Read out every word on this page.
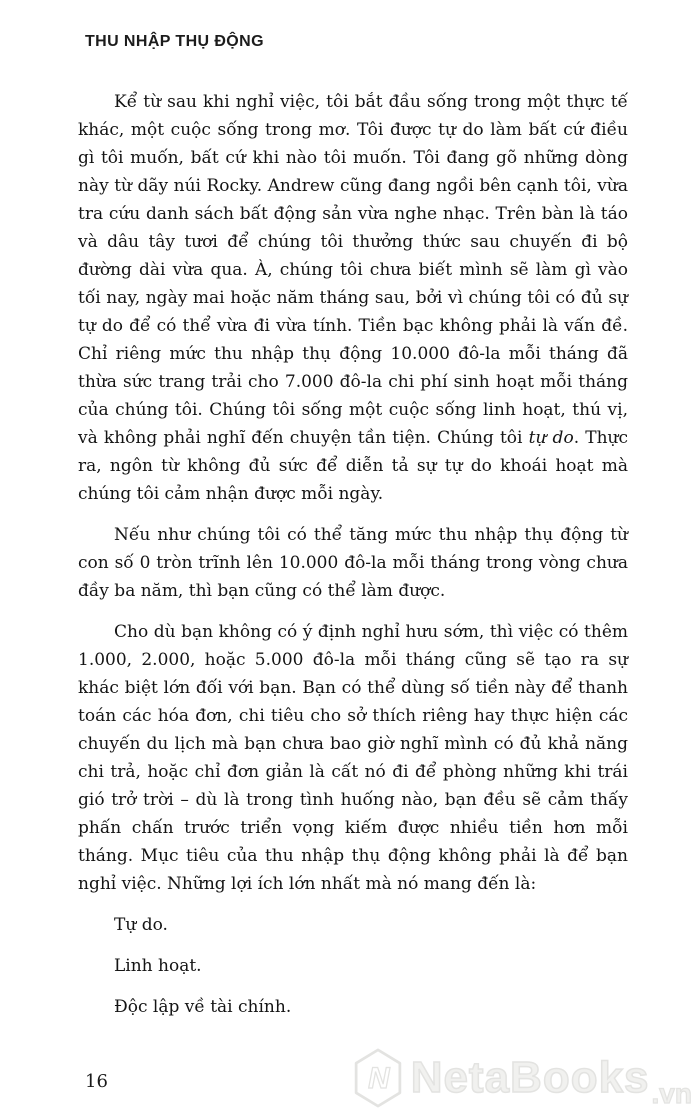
THU NHẬP THỤ ĐỘNG

Kể từ sau khi nghỉ việc, tôi bắt đầu sống trong một thực tế khác, một cuộc sống trong mơ. Tôi được tự do làm bất cứ điều gì tôi muốn, bất cứ khi nào tôi muốn. Tôi đang gõ những dòng này từ dãy núi Rocky. Andrew cũng đang ngồi bên cạnh tôi, vừa tra cứu danh sách bất động sản vừa nghe nhạc. Trên bàn là táo và dâu tây tươi để chúng tôi thưởng thức sau chuyến đi bộ đường dài vừa qua. À, chúng tôi chưa biết mình sẽ làm gì vào tối nay, ngày mai hoặc năm tháng sau, bởi vì chúng tôi có đủ sự tự do để có thể vừa đi vừa tính. Tiền bạc không phải là vấn đề. Chỉ riêng mức thu nhập thụ động 10.000 đô-la mỗi tháng đã thừa sức trang trải cho 7.000 đô-la chi phí sinh hoạt mỗi tháng của chúng tôi. Chúng tôi sống một cuộc sống linh hoạt, thú vị, và không phải nghĩ đến chuyện tần tiện. Chúng tôi tự do. Thực ra, ngôn từ không đủ sức để diễn tả sự tự do khoái hoạt mà chúng tôi cảm nhận được mỗi ngày.

Nếu như chúng tôi có thể tăng mức thu nhập thụ động từ con số 0 tròn trĩnh lên 10.000 đô-la mỗi tháng trong vòng chưa đầy ba năm, thì bạn cũng có thể làm được.

Cho dù bạn không có ý định nghỉ hưu sớm, thì việc có thêm 1.000, 2.000, hoặc 5.000 đô-la mỗi tháng cũng sẽ tạo ra sự khác biệt lớn đối với bạn. Bạn có thể dùng số tiền này để thanh toán các hóa đơn, chi tiêu cho sở thích riêng hay thực hiện các chuyến du lịch mà bạn chưa bao giờ nghĩ mình có đủ khả năng chi trả, hoặc chỉ đơn giản là cất nó đi để phòng những khi trái gió trở trời – dù là trong tình huống nào, bạn đều sẽ cảm thấy phấn chấn trước triển vọng kiếm được nhiều tiền hơn mỗi tháng. Mục tiêu của thu nhập thụ động không phải là để bạn nghỉ việc. Những lợi ích lớn nhất mà nó mang đến là:

Tự do.

Linh hoạt.

Độc lập về tài chính.

16	N NetaBooks .vn
